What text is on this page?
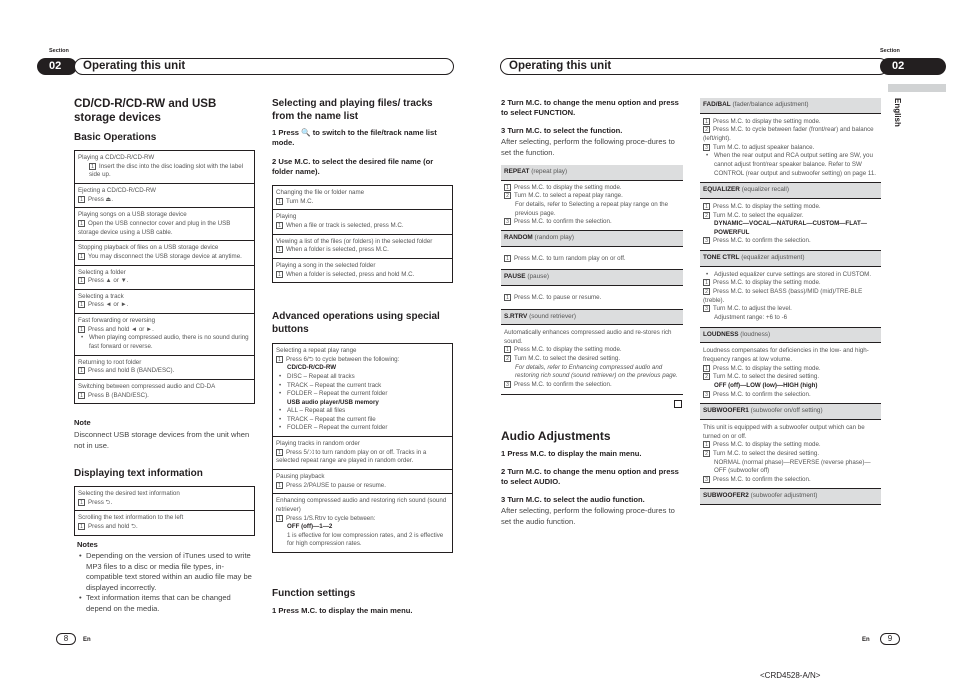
Section
02	Operating this unit
Section
Operating this unit	02
English
CD/CD-R/CD-RW and USB storage devices
Basic Operations
Playing a CD/CD-R/CD-RW
1 Insert the disc into the disc loading slot with the label side up.
Ejecting a CD/CD-R/CD-RW
1 Press ⏏.
Playing songs on a USB storage device
1 Open the USB connector cover and plug in the USB storage device using a USB cable.
Stopping playback of files on a USB storage device
1 You may disconnect the USB storage device at anytime.
Selecting a folder
1 Press ▲ or ▼.
Selecting a track
1 Press ◄ or ►.
Fast forwarding or reversing
1 Press and hold ◄ or ►.
• When playing compressed audio, there is no sound during fast forward or reverse.
Returning to root folder
1 Press and hold B (BAND/ESC).
Switching between compressed audio and CD-DA
1 Press B (BAND/ESC).
Note
Disconnect USB storage devices from the unit when not in use.
Displaying text information
Selecting the desired text information
1 Press ⮌.
Scrolling the text information to the left
1 Press and hold ⮌.
Notes
• Depending on the version of iTunes used to write MP3 files to a disc or media file types, in-compatible text stored within an audio file may be displayed incorrectly.
• Text information items that can be changed depend on the media.
Selecting and playing files/ tracks from the name list
1 Press 🔍 to switch to the file/track name list mode.
2 Use M.C. to select the desired file name (or folder name).
Changing the file or folder name
1 Turn M.C.
Playing
1 When a file or track is selected, press M.C.
Viewing a list of the files (or folders) in the selected folder
1 When a folder is selected, press M.C.
Playing a song in the selected folder
1 When a folder is selected, press and hold M.C.
Advanced operations using special buttons
Selecting a repeat play range
1 Press 6/⮌ to cycle between the following:
CD/CD-R/CD-RW
• DISC – Repeat all tracks
• TRACK – Repeat the current track
• FOLDER – Repeat the current folder
USB audio player/USB memory
• ALL – Repeat all files
• TRACK – Repeat the current file
• FOLDER – Repeat the current folder
Playing tracks in random order
1 Press 5/⤨ to turn random play on or off. Tracks in a selected repeat range are played in random order.
Pausing playback
1 Press 2/PAUSE to pause or resume.
Enhancing compressed audio and restoring rich sound (sound retriever)
1 Press 1/S.Rtrv to cycle between:
OFF (off)—1—2
1 is effective for low compression rates, and 2 is effective for high compression rates.
Function settings
1 Press M.C. to display the main menu.
2 Turn M.C. to change the menu option and press to select FUNCTION.
3 Turn M.C. to select the function.
After selecting, perform the following proce-dures to set the function.
REPEAT (repeat play)
1 Press M.C. to display the setting mode.
2 Turn M.C. to select a repeat play range.
For details, refer to Selecting a repeat play range on the previous page.
3 Press M.C. to confirm the selection.
RANDOM (random play)
1 Press M.C. to turn random play on or off.
PAUSE (pause)
1 Press M.C. to pause or resume.
S.RTRV (sound retriever)
Automatically enhances compressed audio and re-stores rich sound.
1 Press M.C. to display the setting mode.
2 Turn M.C. to select the desired setting.
For details, refer to Enhancing compressed audio and restoring rich sound (sound retriever) on the previous page.
3 Press M.C. to confirm the selection.
Audio Adjustments
1 Press M.C. to display the main menu.
2 Turn M.C. to change the menu option and press to select AUDIO.
3 Turn M.C. to select the audio function.
After selecting, perform the following proce-dures to set the audio function.
FAD/BAL (fader/balance adjustment)
1 Press M.C. to display the setting mode.
2 Press M.C. to cycle between fader (front/rear) and balance (left/right).
3 Turn M.C. to adjust speaker balance.
• When the rear output and RCA output setting are SW, you cannot adjust front/rear speaker balance. Refer to SW CONTROL (rear output and subwoofer setting) on page 11.
EQUALIZER (equalizer recall)
1 Press M.C. to display the setting mode.
2 Turn M.C. to select the equalizer.
DYNAMIC—VOCAL—NATURAL—CUSTOM—FLAT—POWERFUL
3 Press M.C. to confirm the selection.
TONE CTRL (equalizer adjustment)
• Adjusted equalizer curve settings are stored in CUSTOM.
1 Press M.C. to display the setting mode.
2 Press M.C. to select BASS (bass)/MID (mid)/TRE-BLE (treble).
3 Turn M.C. to adjust the level.
Adjustment range: +6 to -6
LOUDNESS (loudness)
Loudness compensates for deficiencies in the low- and high-frequency ranges at low volume.
1 Press M.C. to display the setting mode.
2 Turn M.C. to select the desired setting.
OFF (off)—LOW (low)—HIGH (high)
3 Press M.C. to confirm the selection.
SUBWOOFER1 (subwoofer on/off setting)
This unit is equipped with a subwoofer output which can be turned on or off.
1 Press M.C. to display the setting mode.
2 Turn M.C. to select the desired setting.
NORMAL (normal phase)—REVERSE (reverse phase)—OFF (subwoofer off)
3 Press M.C. to confirm the selection.
SUBWOOFER2 (subwoofer adjustment)
8	En	En	9
<CRD4528-A/N>
